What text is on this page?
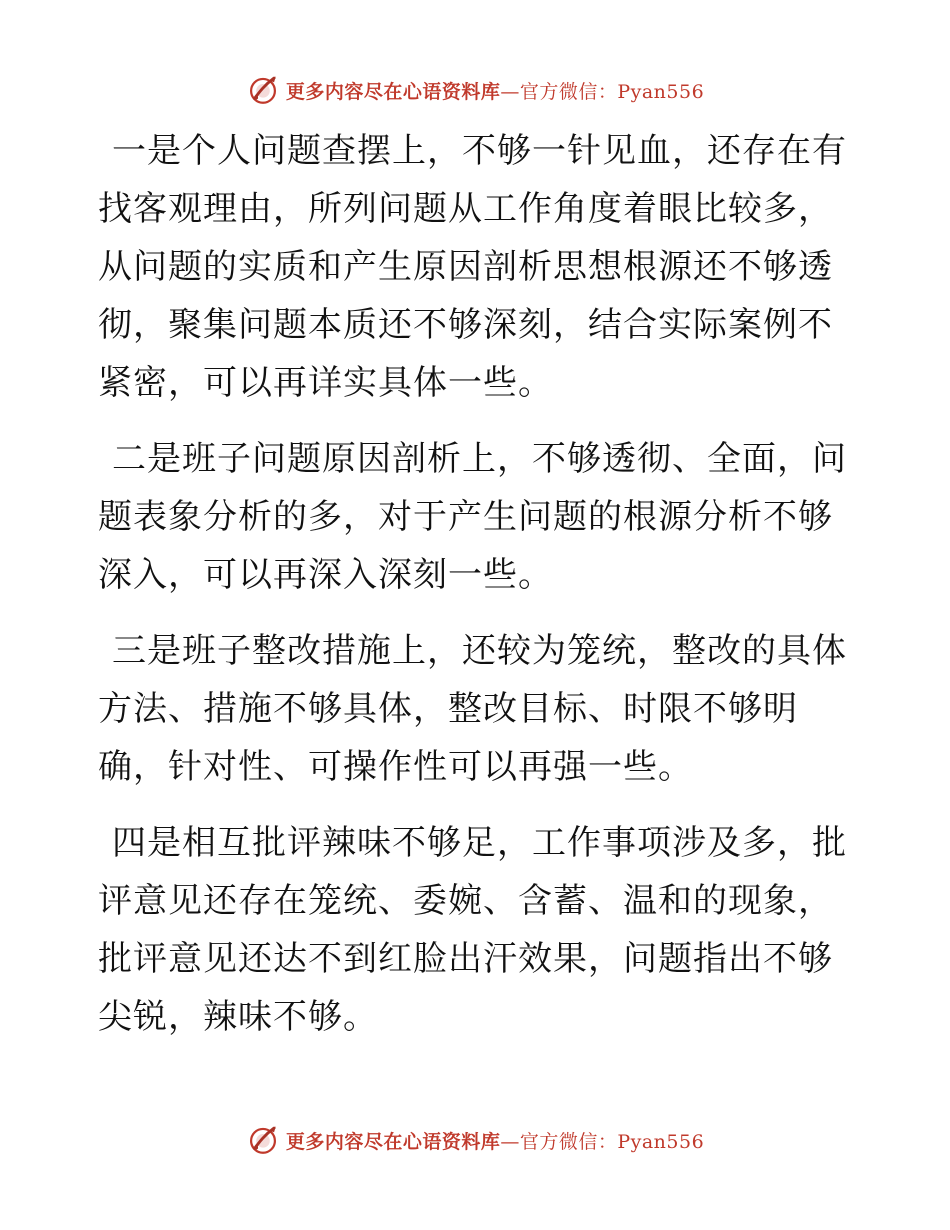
更多内容尽在心语资料库—官方微信：Pyan556

一是个人问题查摆上，不够一针见血，还存在有找客观理由，所列问题从工作角度着眼比较多，从问题的实质和产生原因剖析思想根源还不够透彻，聚集问题本质还不够深刻，结合实际案例不紧密，可以再详实具体一些。

二是班子问题原因剖析上，不够透彻、全面，问题表象分析的多，对于产生问题的根源分析不够深入，可以再深入深刻一些。

三是班子整改措施上，还较为笼统，整改的具体方法、措施不够具体，整改目标、时限不够明确，针对性、可操作性可以再强一些。

四是相互批评辣味不够足，工作事项涉及多，批评意见还存在笼统、委婉、含蓄、温和的现象，批评意见还达不到红脸出汗效果，问题指出不够尖锐，辣味不够。

更多内容尽在心语资料库—官方微信：Pyan556
